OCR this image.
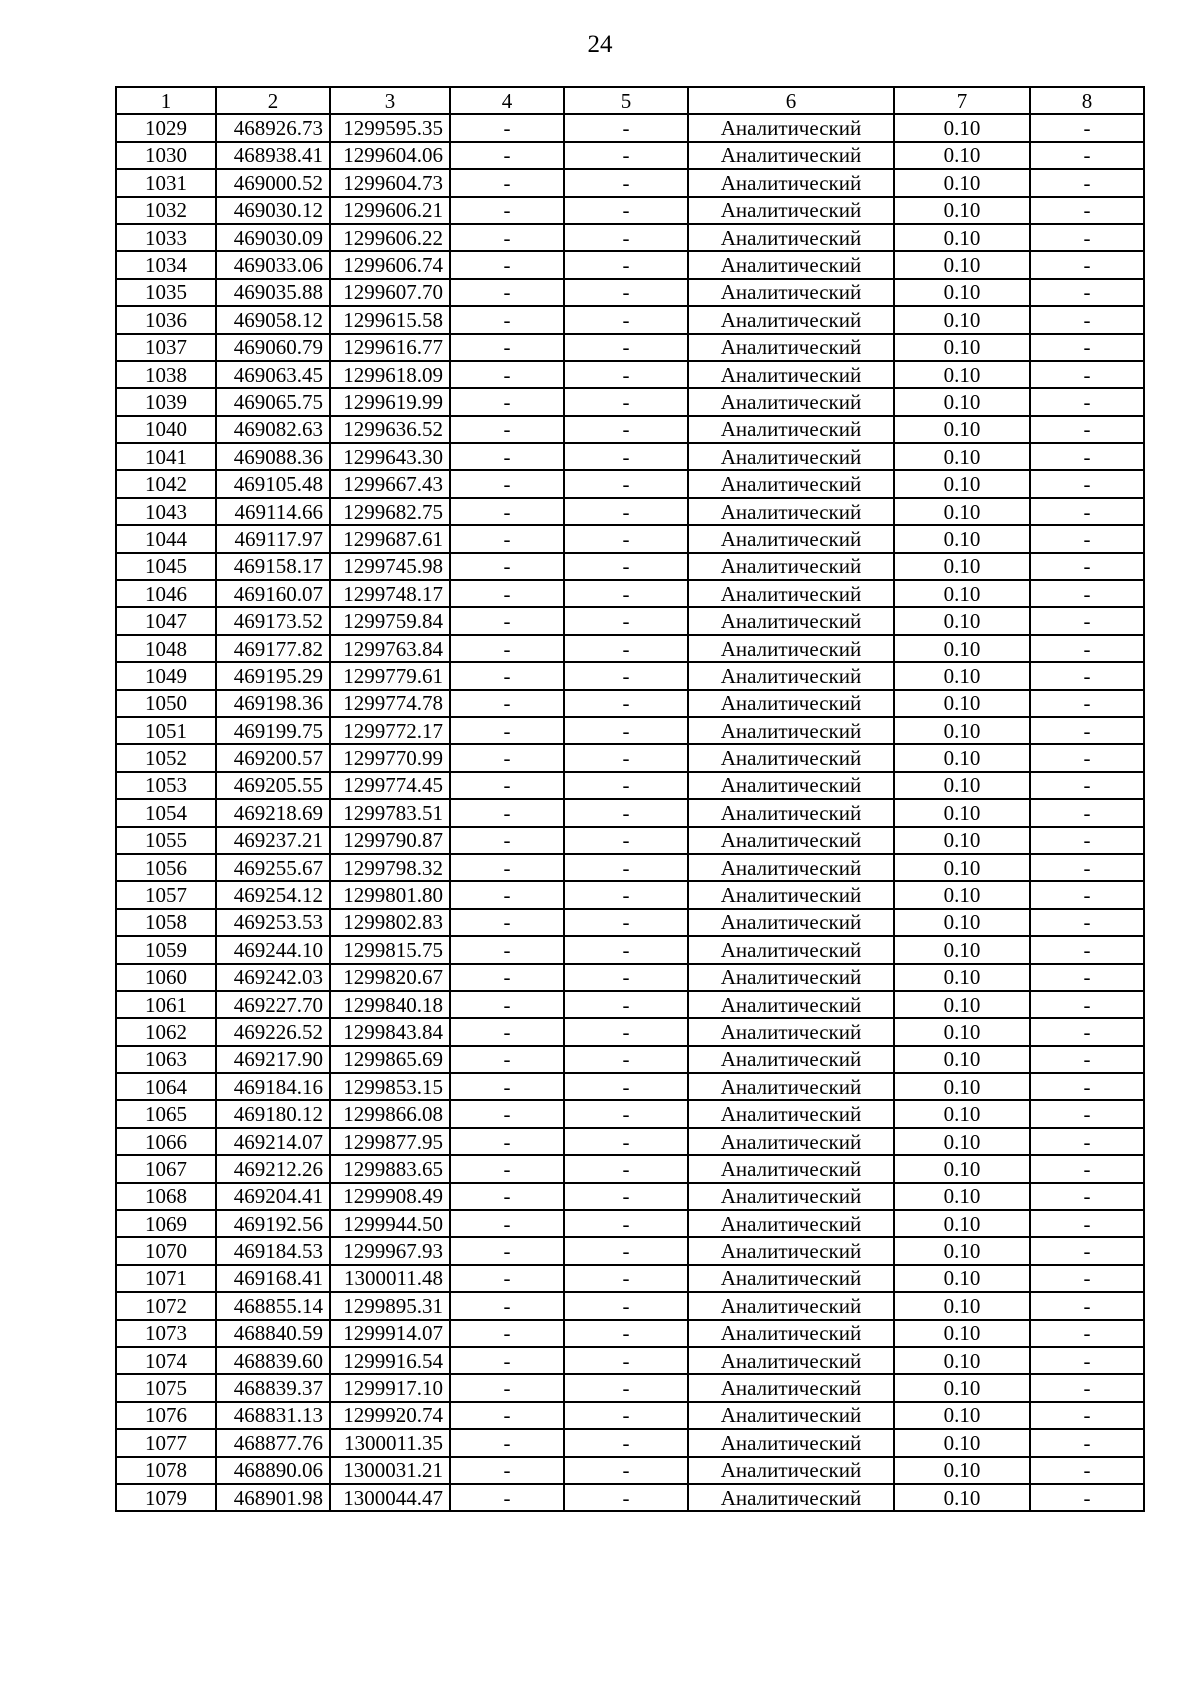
24
1	2	3	4	5	6	7	8
1029	468926.73	1299595.35	-	-	Аналитический	0.10	-
1030	468938.41	1299604.06	-	-	Аналитический	0.10	-
1031	469000.52	1299604.73	-	-	Аналитический	0.10	-
1032	469030.12	1299606.21	-	-	Аналитический	0.10	-
1033	469030.09	1299606.22	-	-	Аналитический	0.10	-
1034	469033.06	1299606.74	-	-	Аналитический	0.10	-
1035	469035.88	1299607.70	-	-	Аналитический	0.10	-
1036	469058.12	1299615.58	-	-	Аналитический	0.10	-
1037	469060.79	1299616.77	-	-	Аналитический	0.10	-
1038	469063.45	1299618.09	-	-	Аналитический	0.10	-
1039	469065.75	1299619.99	-	-	Аналитический	0.10	-
1040	469082.63	1299636.52	-	-	Аналитический	0.10	-
1041	469088.36	1299643.30	-	-	Аналитический	0.10	-
1042	469105.48	1299667.43	-	-	Аналитический	0.10	-
1043	469114.66	1299682.75	-	-	Аналитический	0.10	-
1044	469117.97	1299687.61	-	-	Аналитический	0.10	-
1045	469158.17	1299745.98	-	-	Аналитический	0.10	-
1046	469160.07	1299748.17	-	-	Аналитический	0.10	-
1047	469173.52	1299759.84	-	-	Аналитический	0.10	-
1048	469177.82	1299763.84	-	-	Аналитический	0.10	-
1049	469195.29	1299779.61	-	-	Аналитический	0.10	-
1050	469198.36	1299774.78	-	-	Аналитический	0.10	-
1051	469199.75	1299772.17	-	-	Аналитический	0.10	-
1052	469200.57	1299770.99	-	-	Аналитический	0.10	-
1053	469205.55	1299774.45	-	-	Аналитический	0.10	-
1054	469218.69	1299783.51	-	-	Аналитический	0.10	-
1055	469237.21	1299790.87	-	-	Аналитический	0.10	-
1056	469255.67	1299798.32	-	-	Аналитический	0.10	-
1057	469254.12	1299801.80	-	-	Аналитический	0.10	-
1058	469253.53	1299802.83	-	-	Аналитический	0.10	-
1059	469244.10	1299815.75	-	-	Аналитический	0.10	-
1060	469242.03	1299820.67	-	-	Аналитический	0.10	-
1061	469227.70	1299840.18	-	-	Аналитический	0.10	-
1062	469226.52	1299843.84	-	-	Аналитический	0.10	-
1063	469217.90	1299865.69	-	-	Аналитический	0.10	-
1064	469184.16	1299853.15	-	-	Аналитический	0.10	-
1065	469180.12	1299866.08	-	-	Аналитический	0.10	-
1066	469214.07	1299877.95	-	-	Аналитический	0.10	-
1067	469212.26	1299883.65	-	-	Аналитический	0.10	-
1068	469204.41	1299908.49	-	-	Аналитический	0.10	-
1069	469192.56	1299944.50	-	-	Аналитический	0.10	-
1070	469184.53	1299967.93	-	-	Аналитический	0.10	-
1071	469168.41	1300011.48	-	-	Аналитический	0.10	-
1072	468855.14	1299895.31	-	-	Аналитический	0.10	-
1073	468840.59	1299914.07	-	-	Аналитический	0.10	-
1074	468839.60	1299916.54	-	-	Аналитический	0.10	-
1075	468839.37	1299917.10	-	-	Аналитический	0.10	-
1076	468831.13	1299920.74	-	-	Аналитический	0.10	-
1077	468877.76	1300011.35	-	-	Аналитический	0.10	-
1078	468890.06	1300031.21	-	-	Аналитический	0.10	-
1079	468901.98	1300044.47	-	-	Аналитический	0.10	-
